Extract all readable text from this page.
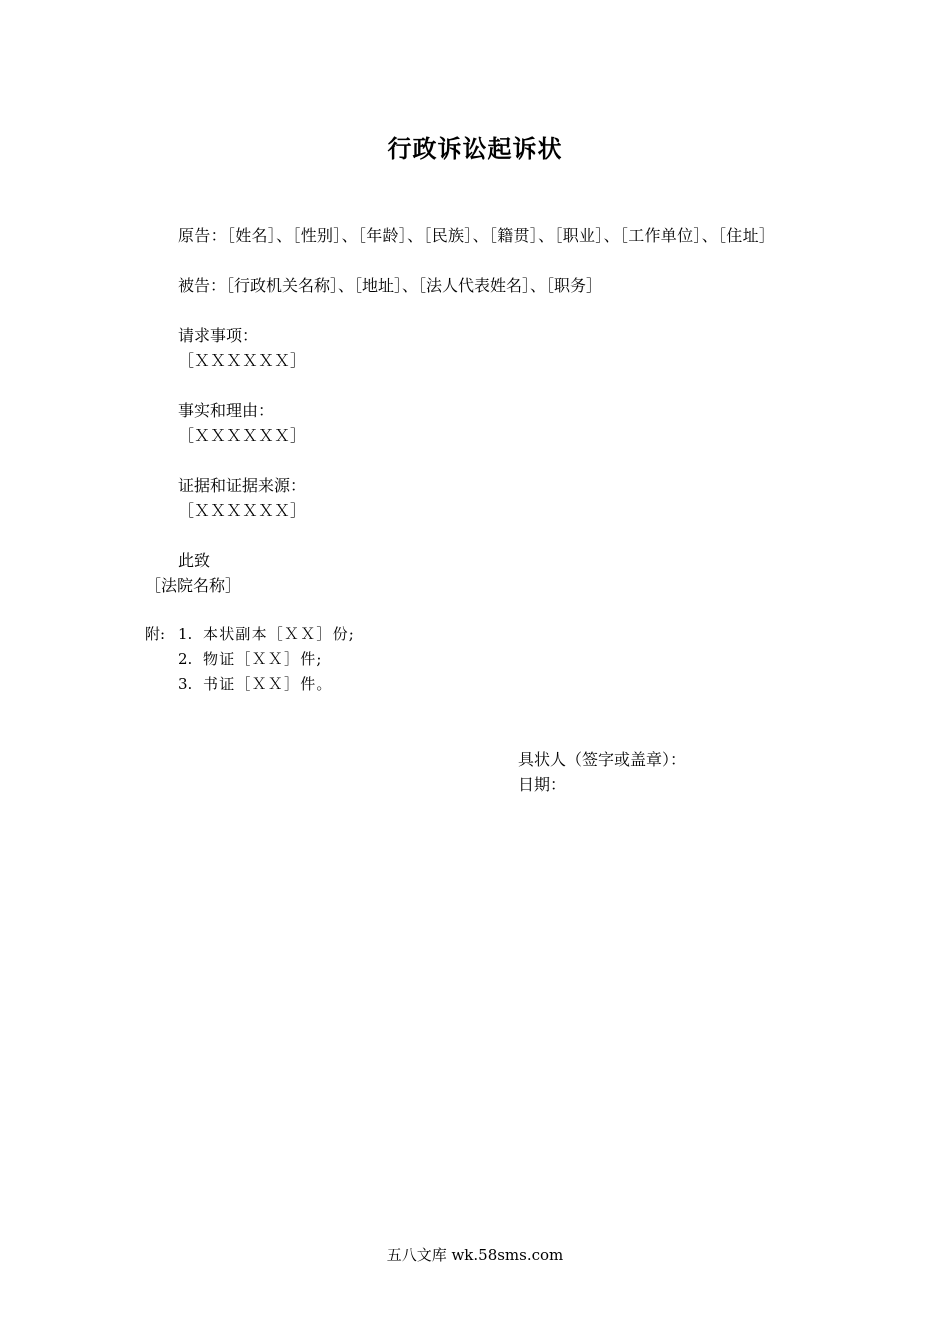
行政诉讼起诉状
原告：［姓名］、［性别］、［年龄］、［民族］、［籍贯］、［职业］、［工作单位］、［住址］
被告：［行政机关名称］、［地址］、［法人代表姓名］、［职务］
请求事项：
［ＸＸＸＸＸＸ］
事实和理由：
［ＸＸＸＸＸＸ］
证据和证据来源：
［ＸＸＸＸＸＸ］
此致
［法院名称］
附: 1. 本状副本［ＸＸ］份;
2. 物证［ＸＸ］件;
3. 书证［ＸＸ］件。
具状人（签字或盖章）：
日期：
五八文库 wk.58sms.com
